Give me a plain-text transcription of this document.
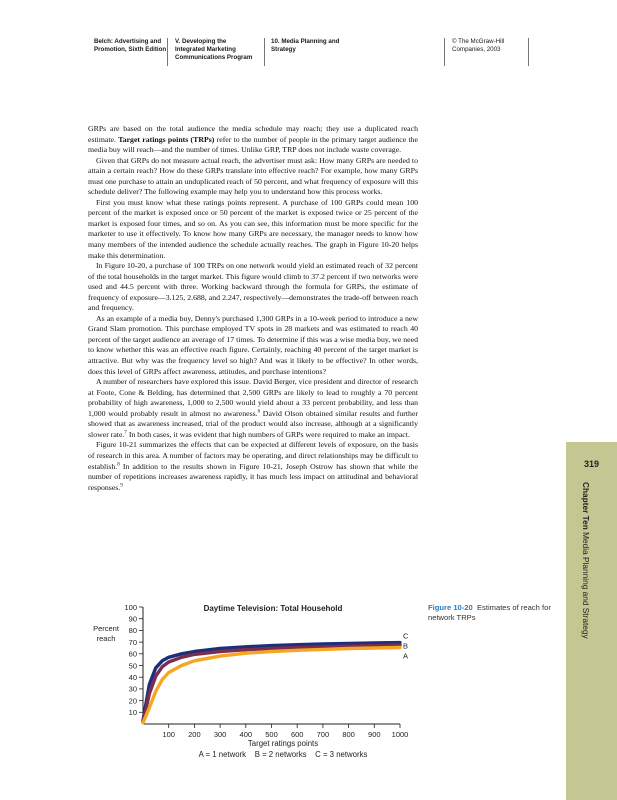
Belch: Advertising and
Promotion, Sixth Edition
V. Developing the
Integrated Marketing
Communications Program
10. Media Planning and
Strategy
© The McGraw-Hill
Companies, 2003

GRPs are based on the total audience the media schedule may reach; they use a duplicated reach estimate. Target ratings points (TRPs) refer to the number of people in the primary target audience the media buy will reach—and the number of times. Unlike GRP, TRP does not include waste coverage.

Given that GRPs do not measure actual reach, the advertiser must ask: How many GRPs are needed to attain a certain reach? How do these GRPs translate into effective reach? For example, how many GRPs must one purchase to attain an unduplicated reach of 50 percent, and what frequency of exposure will this schedule deliver? The following example may help you to understand how this process works.

First you must know what these ratings points represent. A purchase of 100 GRPs could mean 100 percent of the market is exposed once or 50 percent of the market is exposed twice or 25 percent of the market is exposed four times, and so on. As you can see, this information must be more specific for the marketer to use it effectively. To know how many GRPs are necessary, the manager needs to know how many members of the intended audience the schedule actually reaches. The graph in Figure 10-20 helps make this determination.

In Figure 10-20, a purchase of 100 TRPs on one network would yield an estimated reach of 32 percent of the total households in the target market. This figure would climb to 37.2 percent if two networks were used and 44.5 percent with three. Working backward through the formula for GRPs, the estimate of frequency of exposure—3.125, 2.688, and 2.247, respectively—demonstrates the trade-off between reach and frequency.

As an example of a media buy, Denny's purchased 1,300 GRPs in a 10-week period to introduce a new Grand Slam promotion. This purchase employed TV spots in 28 markets and was estimated to reach 40 percent of the target audience an average of 17 times. To determine if this was a wise media buy, we need to know whether this was an effective reach figure. Certainly, reaching 40 percent of the target market is attractive. But why was the frequency level so high? And was it likely to be effective? In other words, does this level of GRPs affect awareness, attitudes, and purchase intentions?

A number of researchers have explored this issue. David Berger, vice president and director of research at Foote, Cone & Belding, has determined that 2,500 GRPs are likely to lead to roughly a 70 percent probability of high awareness, 1,000 to 2,500 would yield about a 33 percent probability, and less than 1,000 would probably result in almost no awareness.$^6$ David Olson obtained similar results and further showed that as awareness increased, trial of the product would also increase, although at a significantly slower rate.$^7$ In both cases, it was evident that high numbers of GRPs were required to make an impact.

Figure 10-21 summarizes the effects that can be expected at different levels of exposure, on the basis of research in this area. A number of factors may be operating, and direct relationships may be difficult to establish.$^8$ In addition to the results shown in Figure 10-21, Joseph Ostrow has shown that while the number of repetitions increases awareness rapidly, it has much less impact on attitudinal and behavioral responses.$^9$

319
Chapter Ten Media Planning and Strategy
Figure 10-20 Estimates of reach for network TRPs
Daytime Television: Total Household
Percent reach
Target ratings points
A = 1 network    B = 2 networks    C = 3 networks
10
20
30
40
50
60
70
80
90
100
100 200 300 400 500 600 700 800 900 1000
C
B
A
